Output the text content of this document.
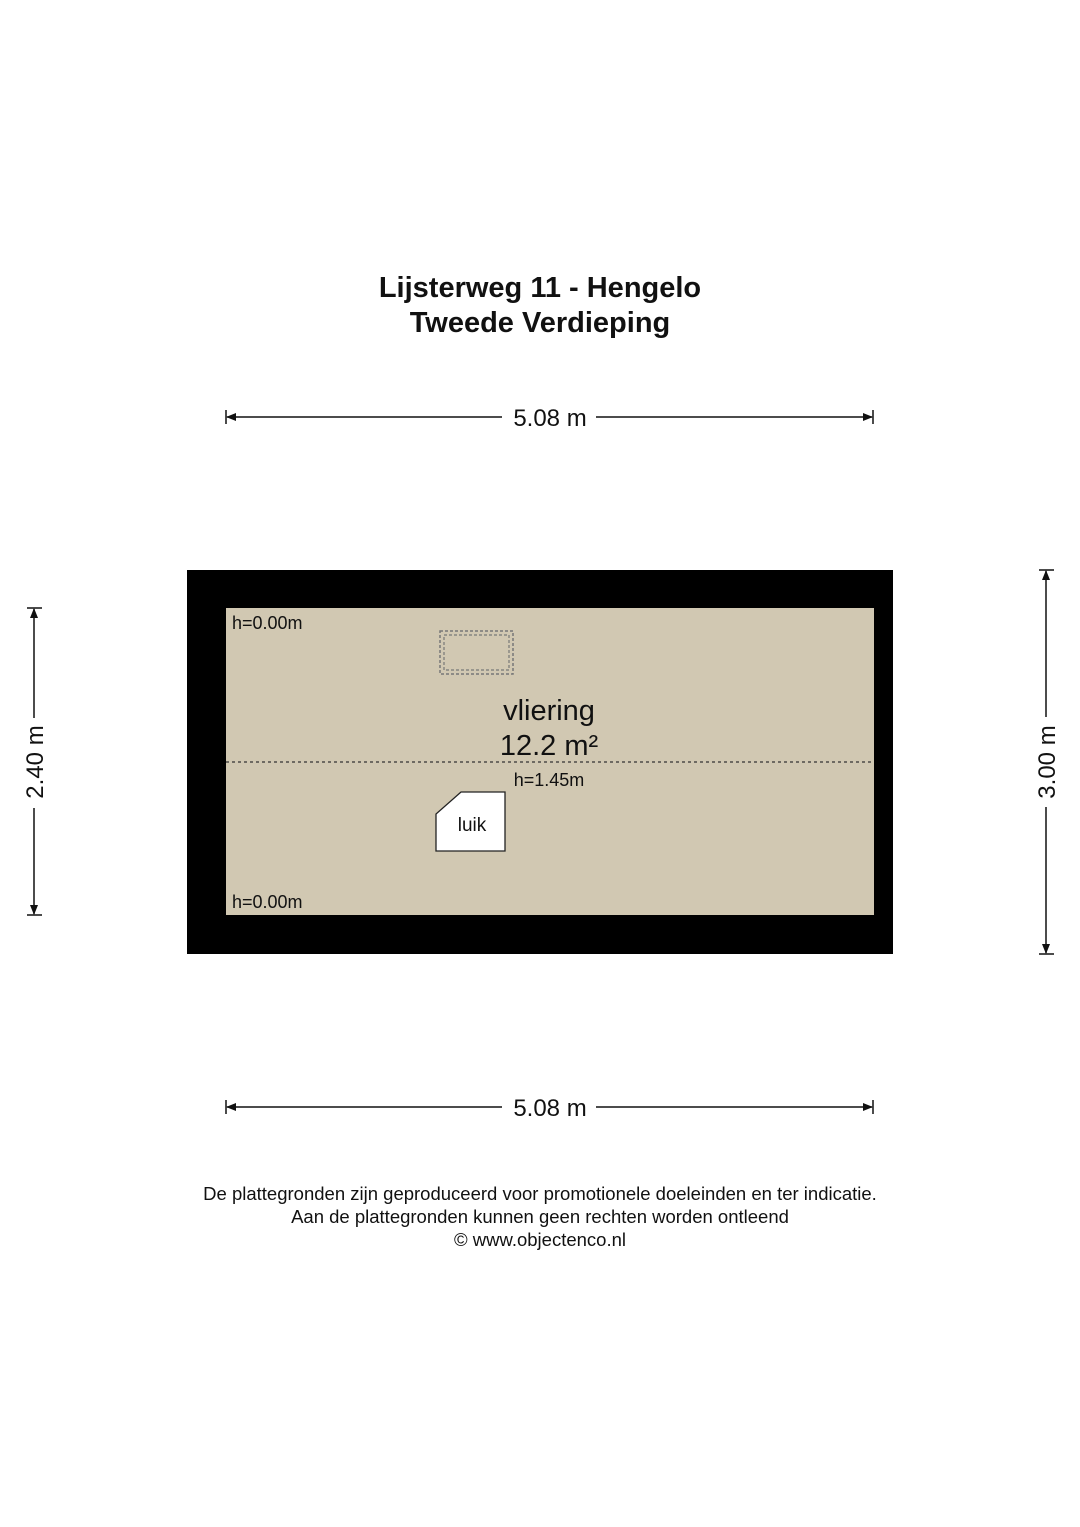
Lijsterweg 11 - Hengelo
Tweede Verdieping
5.08 m
h=0.00m
h=1.45m
h=0.00m
vliering
12.2 m²
luik
2.40 m	3.00 m
5.08 m
De plattegronden zijn geproduceerd voor promotionele doeleinden en ter indicatie.
Aan de plattegronden kunnen geen rechten worden ontleend
© www.objectenco.nl
